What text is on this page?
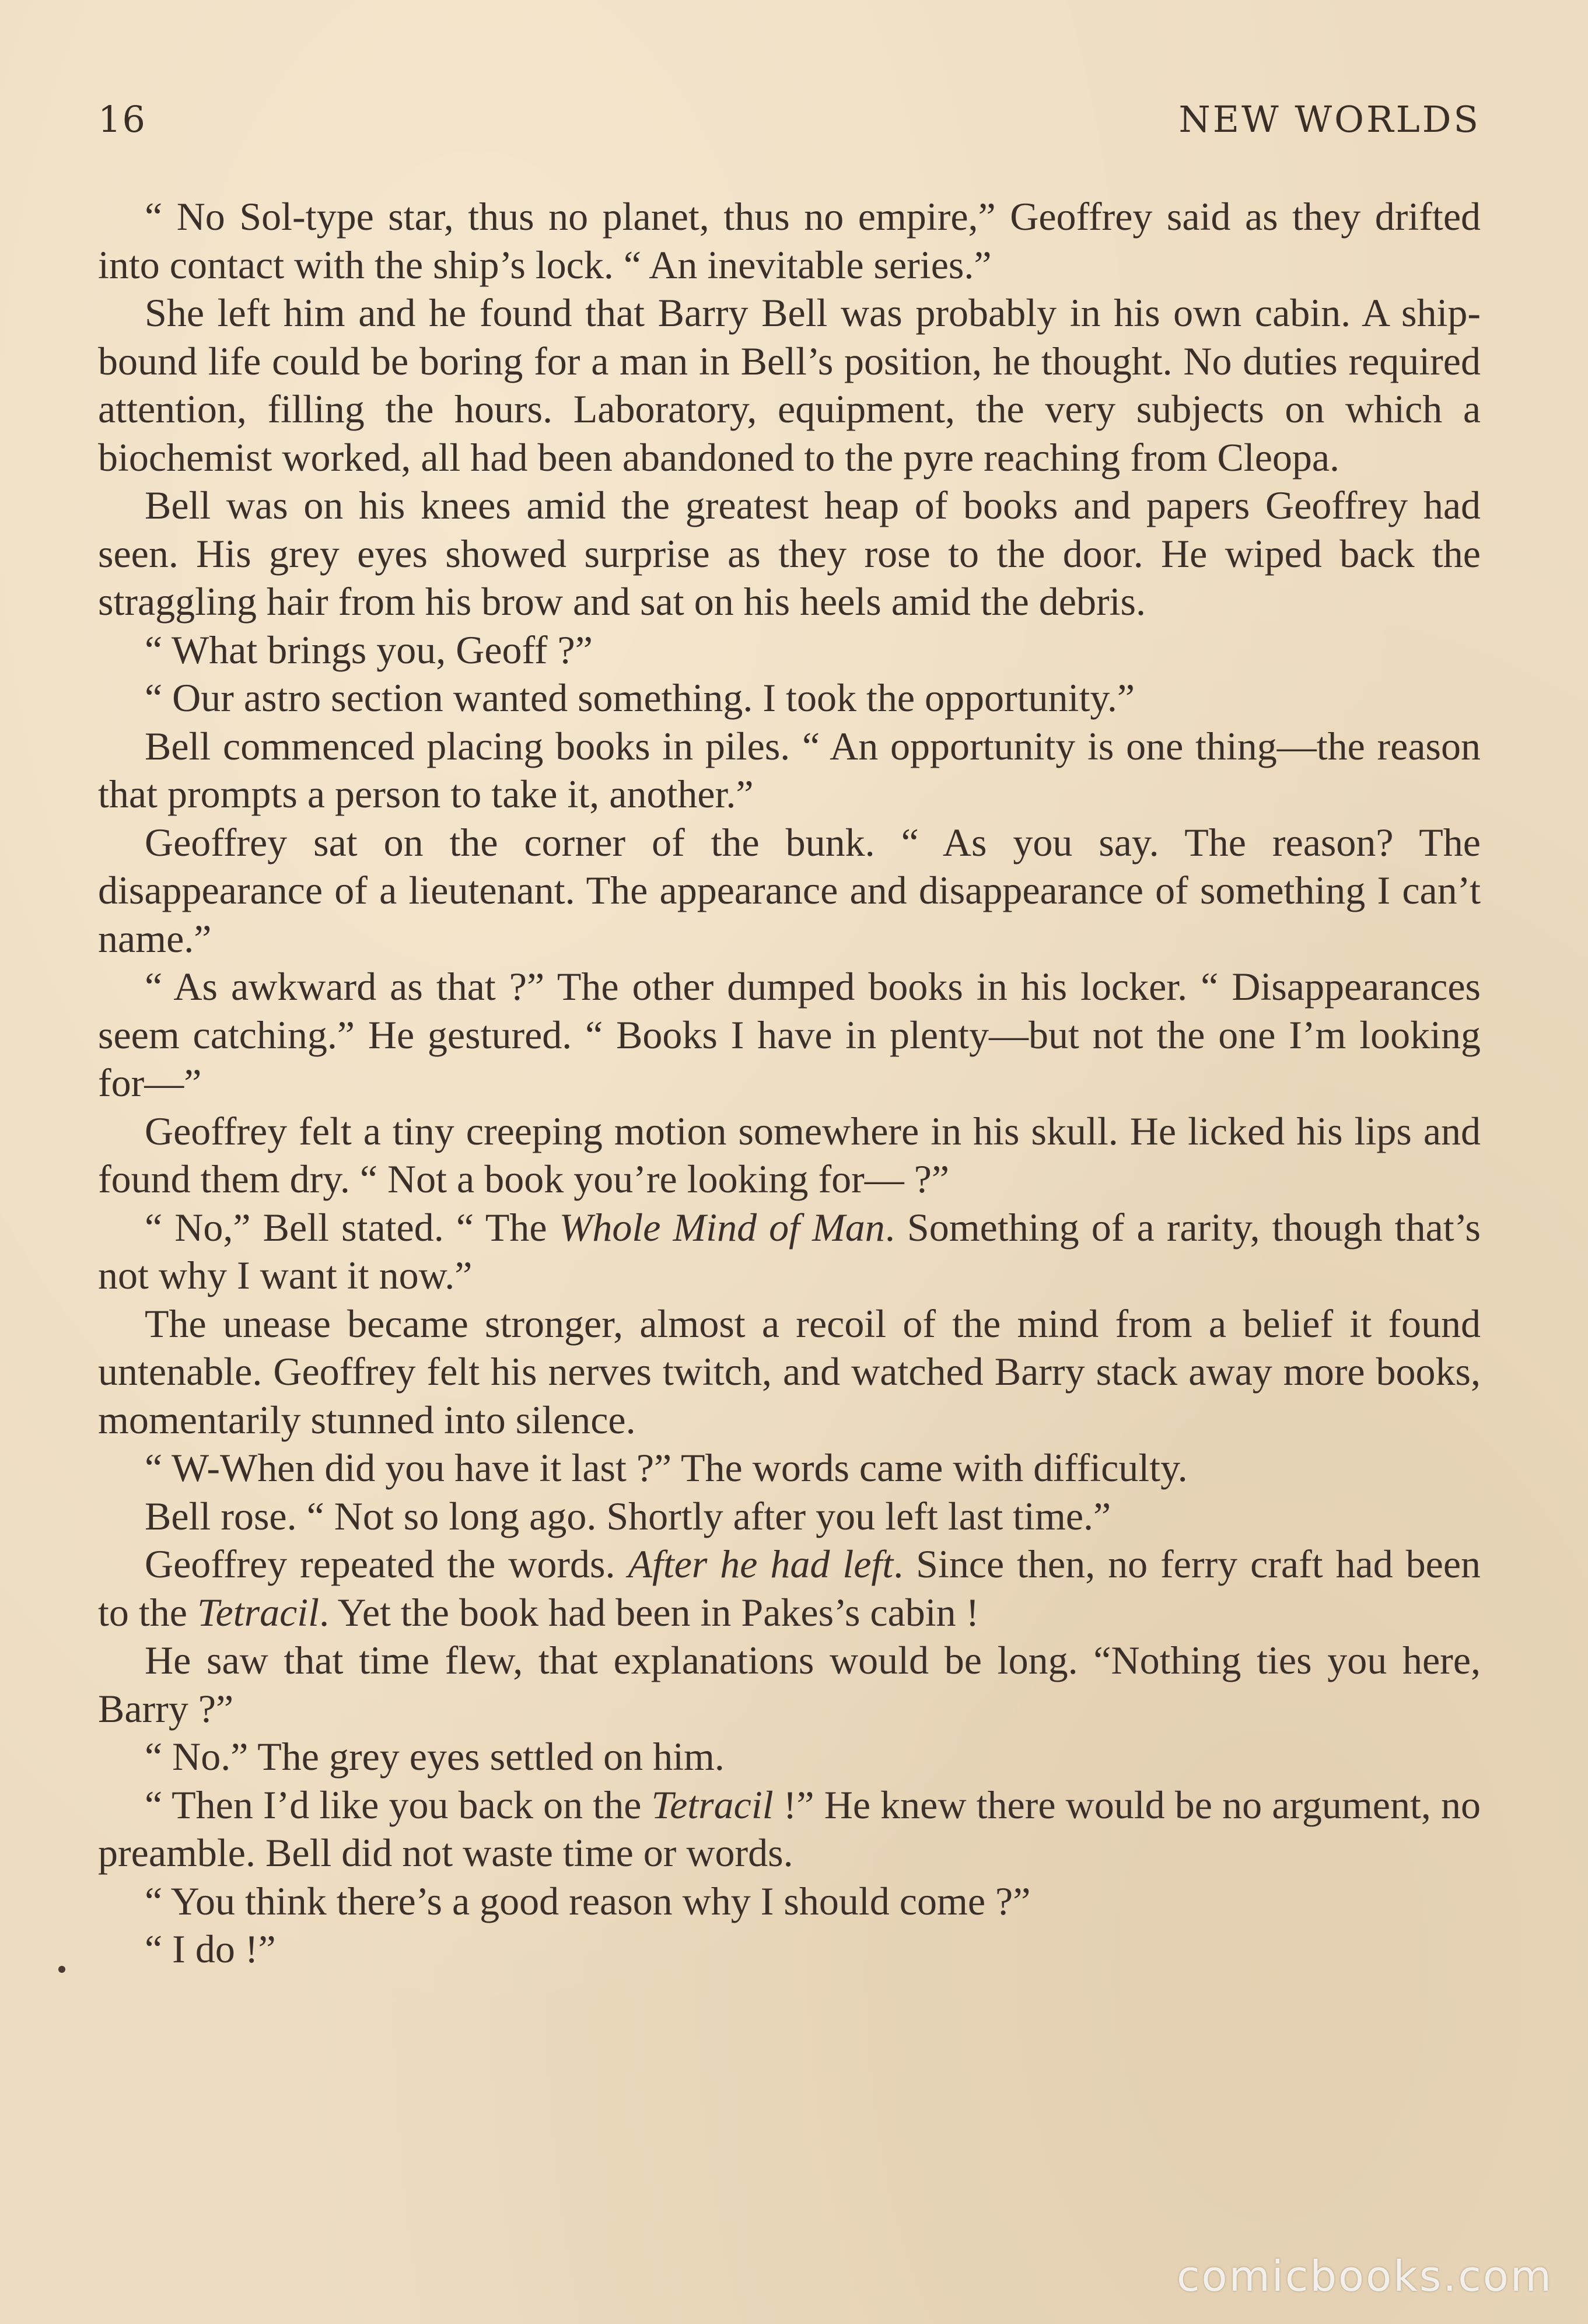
16	NEW WORLDS

“ No Sol-type star, thus no planet, thus no empire,” Geoffrey said as they drifted into contact with the ship’s lock. “ An inevitable series.”

She left him and he found that Barry Bell was probably in his own cabin. A ship-bound life could be boring for a man in Bell’s position, he thought. No duties required attention, filling the hours. Laboratory, equipment, the very subjects on which a biochemist worked, all had been abandoned to the pyre reaching from Cleopa.

Bell was on his knees amid the greatest heap of books and papers Geoffrey had seen. His grey eyes showed surprise as they rose to the door. He wiped back the straggling hair from his brow and sat on his heels amid the debris.

“ What brings you, Geoff ?”

“ Our astro section wanted something. I took the opportunity.”

Bell commenced placing books in piles. “ An opportunity is one thing—the reason that prompts a person to take it, another.”

Geoffrey sat on the corner of the bunk. “ As you say. The reason? The disappearance of a lieutenant. The appearance and disappearance of something I can’t name.”

“ As awkward as that ?” The other dumped books in his locker. “ Disappearances seem catching.” He gestured. “ Books I have in plenty—but not the one I’m looking for—”

Geoffrey felt a tiny creeping motion somewhere in his skull. He licked his lips and found them dry. “ Not a book you’re looking for— ?”

“ No,” Bell stated. “ The Whole Mind of Man. Something of a rarity, though that’s not why I want it now.”

The unease became stronger, almost a recoil of the mind from a belief it found untenable. Geoffrey felt his nerves twitch, and watched Barry stack away more books, momentarily stunned into silence.

“ W-When did you have it last ?” The words came with difficulty.

Bell rose. “ Not so long ago. Shortly after you left last time.”

Geoffrey repeated the words. After he had left. Since then, no ferry craft had been to the Tetracil. Yet the book had been in Pakes’s cabin !

He saw that time flew, that explanations would be long. “Nothing ties you here, Barry ?”

“ No.” The grey eyes settled on him.

“ Then I’d like you back on the Tetracil !” He knew there would be no argument, no preamble. Bell did not waste time or words.

“ You think there’s a good reason why I should come ?”

“ I do !”

comicbooks.com
